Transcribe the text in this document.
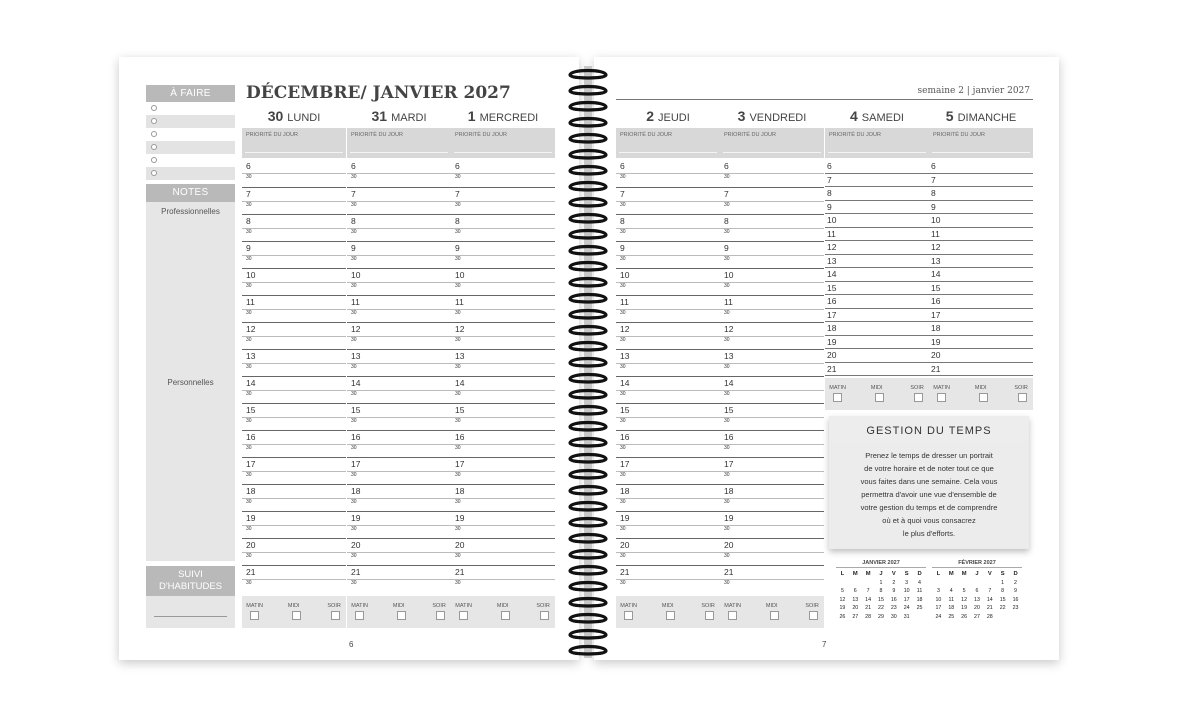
À FAIRE
NOTES
Professionnelles
Personnelles
SUIVI
D'HABITUDES
DÉCEMBRE/ JANVIER 2027	semaine 2 | janvier 2027
30 LUNDI
PRIORITÉ DU JOUR
6
30
7
30
8
30
9
30
10
30
11
30
12
30
13
30
14
30
15
30
16
30
17
30
18
30
19
30
20
30
21
30
MATIN	MIDI	SOIR
31 MARDI
PRIORITÉ DU JOUR
6
30
7
30
8
30
9
30
10
30
11
30
12
30
13
30
14
30
15
30
16
30
17
30
18
30
19
30
20
30
21
30
MATIN	MIDI	SOIR
1 MERCREDI
PRIORITÉ DU JOUR
6
30
7
30
8
30
9
30
10
30
11
30
12
30
13
30
14
30
15
30
16
30
17
30
18
30
19
30
20
30
21
30
MATIN	MIDI	SOIR
2 JEUDI
PRIORITÉ DU JOUR
6
30
7
30
8
30
9
30
10
30
11
30
12
30
13
30
14
30
15
30
16
30
17
30
18
30
19
30
20
30
21
30
MATIN	MIDI	SOIR
3 VENDREDI
PRIORITÉ DU JOUR
6
30
7
30
8
30
9
30
10
30
11
30
12
30
13
30
14
30
15
30
16
30
17
30
18
30
19
30
20
30
21
30
MATIN	MIDI	SOIR
4 SAMEDI
PRIORITÉ DU JOUR
6
7
8
9
10
11
12
13
14
15
16
17
18
19
20
21
MATIN	MIDI	SOIR
5 DIMANCHE
PRIORITÉ DU JOUR
6
7
8
9
10
11
12
13
14
15
16
17
18
19
20
21
MATIN	MIDI	SOIR
6	7
GESTION DU TEMPS
Prenez le temps de dresser un portrait
de votre horaire et de noter tout ce que
vous faites dans une semaine. Cela vous
permettra d'avoir une vue d'ensemble de
votre gestion du temps et de comprendre
où et à quoi vous consacrez
le plus d'efforts.
JANVIER 2027
L	M	M	J	V	S	D
			1	2	3	4
5	6	7	8	9	10	11
12	13	14	15	16	17	18
19	20	21	22	23	24	25
26	27	28	29	30	31	
FÉVRIER 2027
L	M	M	J	V	S	D
					1	2
3	4	5	6	7	8	9
10	11	12	13	14	15	16
17	18	19	20	21	22	23
24	25	26	27	28		
